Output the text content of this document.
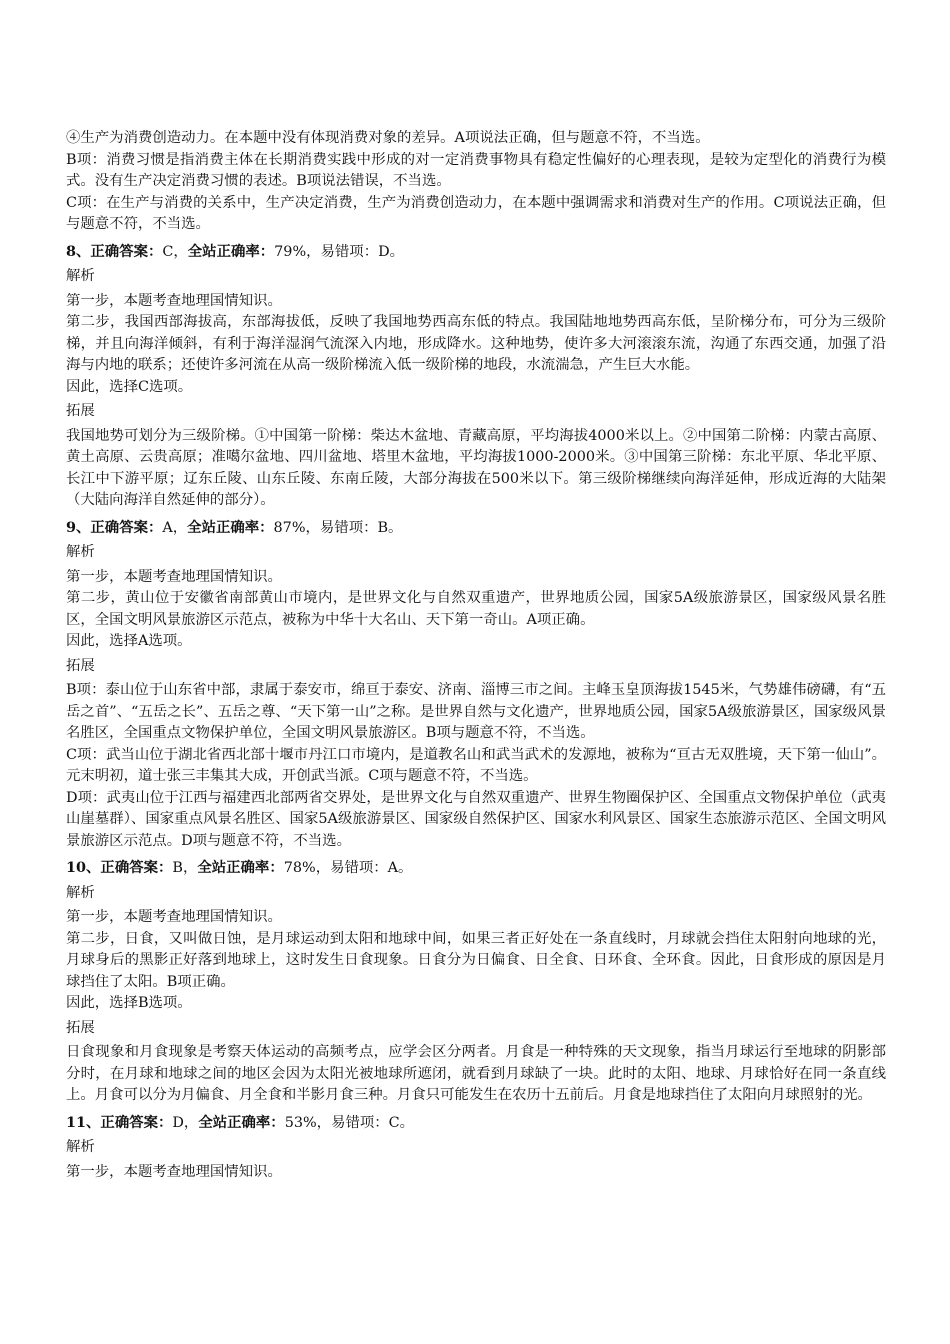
④生产为消费创造动力。在本题中没有体现消费对象的差异。A项说法正确，但与题意不符，不当选。

B项：消费习惯是指消费主体在长期消费实践中形成的对一定消费事物具有稳定性偏好的心理表现，是较为定型化的消费行为模式。没有生产决定消费习惯的表述。B项说法错误，不当选。

C项：在生产与消费的关系中，生产决定消费，生产为消费创造动力，在本题中强调需求和消费对生产的作用。C项说法正确，但与题意不符，不当选。

8、正确答案：C，全站正确率：79%，易错项：D。
解析

第一步，本题考查地理国情知识。

第二步，我国西部海拔高，东部海拔低，反映了我国地势西高东低的特点。我国陆地地势西高东低，呈阶梯分布，可分为三级阶梯，并且向海洋倾斜，有利于海洋湿润气流深入内地，形成降水。这种地势，使许多大河滚滚东流，沟通了东西交通，加强了沿海与内地的联系；还使许多河流在从高一级阶梯流入低一级阶梯的地段，水流湍急，产生巨大水能。

因此，选择C选项。

拓展

我国地势可划分为三级阶梯。①中国第一阶梯：柴达木盆地、青藏高原，平均海拔4000米以上。②中国第二阶梯：内蒙古高原、黄土高原、云贵高原；准噶尔盆地、四川盆地、塔里木盆地，平均海拔1000-2000米。③中国第三阶梯：东北平原、华北平原、长江中下游平原；辽东丘陵、山东丘陵、东南丘陵，大部分海拔在500米以下。第三级阶梯继续向海洋延伸，形成近海的大陆架（大陆向海洋自然延伸的部分）。

9、正确答案：A，全站正确率：87%，易错项：B。
解析

第一步，本题考查地理国情知识。

第二步，黄山位于安徽省南部黄山市境内，是世界文化与自然双重遗产，世界地质公园，国家5A级旅游景区，国家级风景名胜区，全国文明风景旅游区示范点，被称为中华十大名山、天下第一奇山。A项正确。

因此，选择A选项。

拓展

B项：泰山位于山东省中部，隶属于泰安市，绵亘于泰安、济南、淄博三市之间。主峰玉皇顶海拔1545米，气势雄伟磅礴，有“五岳之首”、“五岳之长”、五岳之尊、“天下第一山”之称。是世界自然与文化遗产，世界地质公园，国家5A级旅游景区，国家级风景名胜区，全国重点文物保护单位，全国文明风景旅游区。B项与题意不符，不当选。

C项：武当山位于湖北省西北部十堰市丹江口市境内，是道教名山和武当武术的发源地，被称为“亘古无双胜境，天下第一仙山”。元末明初，道士张三丰集其大成，开创武当派。C项与题意不符，不当选。

D项：武夷山位于江西与福建西北部两省交界处，是世界文化与自然双重遗产、世界生物圈保护区、全国重点文物保护单位（武夷山崖墓群）、国家重点风景名胜区、国家5A级旅游景区、国家级自然保护区、国家水利风景区、国家生态旅游示范区、全国文明风景旅游区示范点。D项与题意不符，不当选。

10、正确答案：B，全站正确率：78%，易错项：A。
解析

第一步，本题考查地理国情知识。

第二步，日食，又叫做日蚀，是月球运动到太阳和地球中间，如果三者正好处在一条直线时，月球就会挡住太阳射向地球的光，月球身后的黑影正好落到地球上，这时发生日食现象。日食分为日偏食、日全食、日环食、全环食。因此，日食形成的原因是月球挡住了太阳。B项正确。

因此，选择B选项。

拓展

日食现象和月食现象是考察天体运动的高频考点，应学会区分两者。月食是一种特殊的天文现象，指当月球运行至地球的阴影部分时，在月球和地球之间的地区会因为太阳光被地球所遮闭，就看到月球缺了一块。此时的太阳、地球、月球恰好在同一条直线上。月食可以分为月偏食、月全食和半影月食三种。月食只可能发生在农历十五前后。月食是地球挡住了太阳向月球照射的光。

11、正确答案：D，全站正确率：53%，易错项：C。
解析

第一步，本题考查地理国情知识。
